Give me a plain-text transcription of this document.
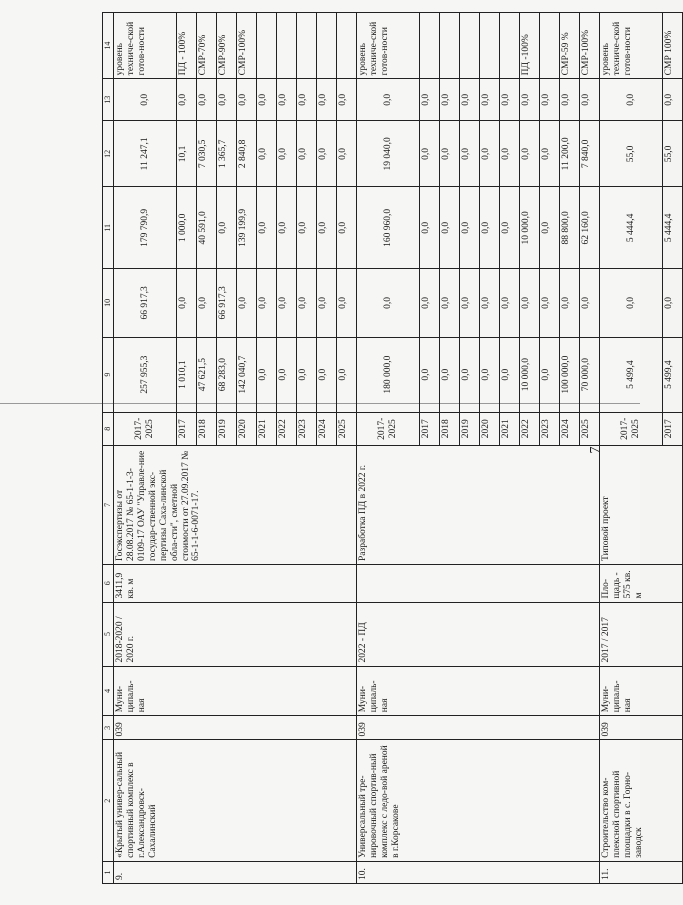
7
1	2	3	4	5	6	7	8	9	10	11	12	13	14
9.	«Крытый универ-сальный спортивный комплекс в г.Александровск-Сахалинский	039	Муни-ципаль-ная	2018-2020 / 2020 г.	3411,9 кв. м	Госэкспертизы от 28.08.2017 № 65-1-1-3-0109-17 ОАУ "Управле-ние государ-ственной экс-пертизы Саха-линской обла-сти", сметной стоимости от 27.09.2017 № 65-1-1-6-0071-17.	2017-2025	257 955,3	66 917,3	179 790,9	11 247,1	0,0	уровень техниче-ской готов-ности
							2017	1 010,1	0,0	1 000,0	10,1	0,0	ПД - 100%
							2018	47 621,5	0,0	40 591,0	7 030,5	0,0	СМР-70%
							2019	68 283,0	66 917,3	0,0	1 365,7	0,0	СМР-90%
							2020	142 040,7	0,0	139 199,9	2 840,8	0,0	СМР-100%
							2021	0,0	0,0	0,0	0,0	0,0	
							2022	0,0	0,0	0,0	0,0	0,0	
							2023	0,0	0,0	0,0	0,0	0,0	
							2024	0,0	0,0	0,0	0,0	0,0	
							2025	0,0	0,0	0,0	0,0	0,0	
10.	Универсальный тре-нировочный спортив-ный комплекс с ледо-вой ареной в г.Корсакове	039	Муни-ципаль-ная	2022 - ПД		Разработка ПД в 2022 г.	2017-2025	180 000,0	0,0	160 960,0	19 040,0	0,0	уровень техниче-ской готов-ности
							2017	0,0	0,0	0,0	0,0	0,0	
							2018	0,0	0,0	0,0	0,0	0,0	
							2019	0,0	0,0	0,0	0,0	0,0	
							2020	0,0	0,0	0,0	0,0	0,0	
							2021	0,0	0,0	0,0	0,0	0,0	
							2022	10 000,0	0,0	10 000,0	0,0	0,0	ПД -100%
							2023	0,0	0,0	0,0	0,0	0,0	
							2024	100 000,0	0,0	88 800,0	11 200,0	0,0	СМР-59 %
							2025	70 000,0	0,0	62 160,0	7 840,0	0,0	СМР-100%
11.	Строительство ком-плексной спортивной площадки в с. Горно-заводск	039	Муни-ципаль-ная	2017 / 2017	Пло-щадь - 575 кв. м	Типовой проект	2017-2025	5 499,4	0,0	5 444,4	55,0	0,0	уровень техниче-ской готов-ности
							2017	5 499,4	0,0	5 444,4	55,0	0,0	СМР 100%
